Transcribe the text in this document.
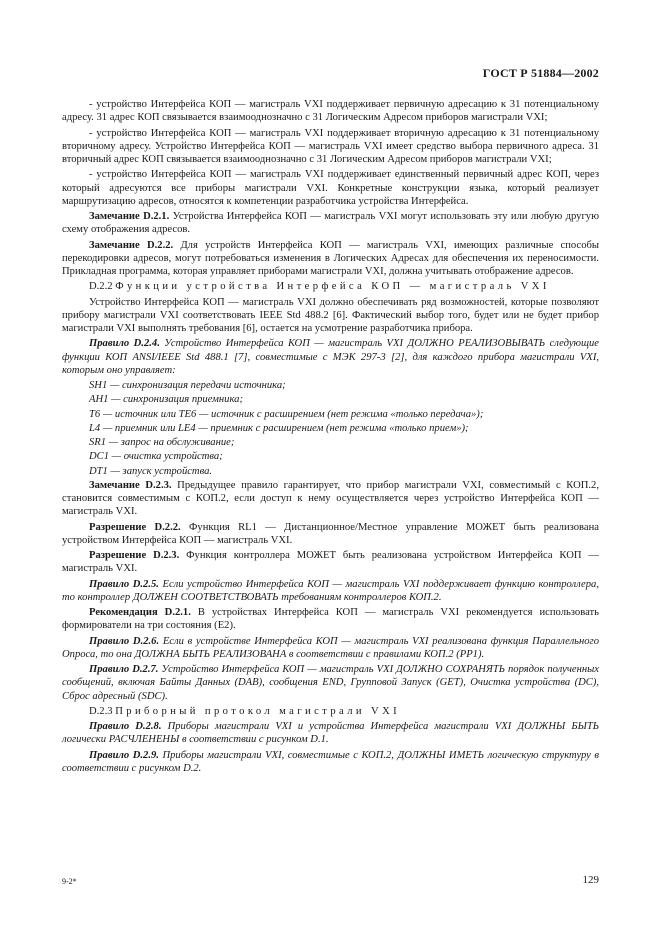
ГОСТ Р 51884—2002

- устройство Интерфейса КОП — магистраль VXI поддерживает первичную адресацию к 31 потенциальному адресу. 31 адрес КОП связывается взаимооднозначно с 31 Логическим Адресом приборов магистрали VXI;

- устройство Интерфейса КОП — магистраль VXI поддерживает вторичную адресацию к 31 потенциальному вторичному адресу. Устройство Интерфейса КОП — магистраль VXI имеет средство выбора первичного адреса. 31 вторичный адрес КОП связывается взаимооднозначно с 31 Логическим Адресом приборов магистрали VXI;

- устройство Интерфейса КОП — магистраль VXI поддерживает единственный первичный адрес КОП, через который адресуются все приборы магистрали VXI. Конкретные конструкции языка, который реализует маршрутизацию адресов, относятся к компетенции разработчика устройства Интерфейса.

Замечание D.2.1. Устройства Интерфейса КОП — магистраль VXI могут использовать эту или любую другую схему отображения адресов.

Замечание D.2.2. Для устройств Интерфейса КОП — магистраль VXI, имеющих различные способы перекодировки адресов, могут потребоваться изменения в Логических Адресах для обеспечения их переносимости. Прикладная программа, которая управляет приборами магистрали VXI, должна учитывать отображение адресов.

D.2.2 Функции устройства Интерфейса КОП — магистраль VXI

Устройство Интерфейса КОП — магистраль VXI должно обеспечивать ряд возможностей, которые позволяют прибору магистрали VXI соответствовать IEEE Std 488.2 [6]. Фактический выбор того, будет или не будет прибор магистрали VXI выполнять требования [6], остается на усмотрение разработчика прибора.

Правило D.2.4. Устройство Интерфейса КОП — магистраль VXI ДОЛЖНО РЕАЛИЗОВЫВАТЬ следующие функции КОП ANSI/IEEE Std 488.1 [7], совместимые с МЭК 297-3 [2], для каждого прибора магистрали VXI, которым оно управляет:

SH1 — синхронизация передачи источника;

AH1 — синхронизация приемника;

T6 — источник или TE6 — источник с расширением (нет режима «только передача»);

L4 — приемник или LE4 — приемник с расширением (нет режима «только прием»);

SR1 — запрос на обслуживание;

DC1 — очистка устройства;

DT1 — запуск устройства.

Замечание D.2.3. Предыдущее правило гарантирует, что прибор магистрали VXI, совместимый с КОП.2, становится совместимым с КОП.2, если доступ к нему осуществляется через устройство Интерфейса КОП — магистраль VXI.

Разрешение D.2.2. Функция RL1 — Дистанционное/Местное управление МОЖЕТ быть реализована устройством Интерфейса КОП — магистраль VXI.

Разрешение D.2.3. Функция контроллера МОЖЕТ быть реализована устройством Интерфейса КОП — магистраль VXI.

Правило D.2.5. Если устройство Интерфейса КОП — магистраль VXI поддерживает функцию контроллера, то контроллер ДОЛЖЕН СООТВЕТСТВОВАТЬ требованиям контроллеров КОП.2.

Рекомендация D.2.1. В устройствах Интерфейса КОП — магистраль VXI рекомендуется использовать формирователи на три состояния (Е2).

Правило D.2.6. Если в устройстве Интерфейса КОП — магистраль VXI реализована функция Параллельного Опроса, то она ДОЛЖНА БЫТЬ РЕАЛИЗОВАНА в соответствии с правилами КОП.2 (PP1).

Правило D.2.7. Устройство Интерфейса КОП — магистраль VXI ДОЛЖНО СОХРАНЯТЬ порядок полученных сообщений, включая Байты Данных (DAB), сообщения END, Групповой Запуск (GET), Очистка устройства (DC), Сброс адресный (SDC).

D.2.3 Приборный протокол магистрали VXI

Правило D.2.8. Приборы магистрали VXI и устройства Интерфейса магистрали VXI ДОЛЖНЫ БЫТЬ логически РАСЧЛЕНЕНЫ в соответствии с рисунком D.1.

Правило D.2.9. Приборы магистрали VXI, совместимые с КОП.2, ДОЛЖНЫ ИМЕТЬ логическую структуру в соответствии с рисунком D.2.

9-2*	129
